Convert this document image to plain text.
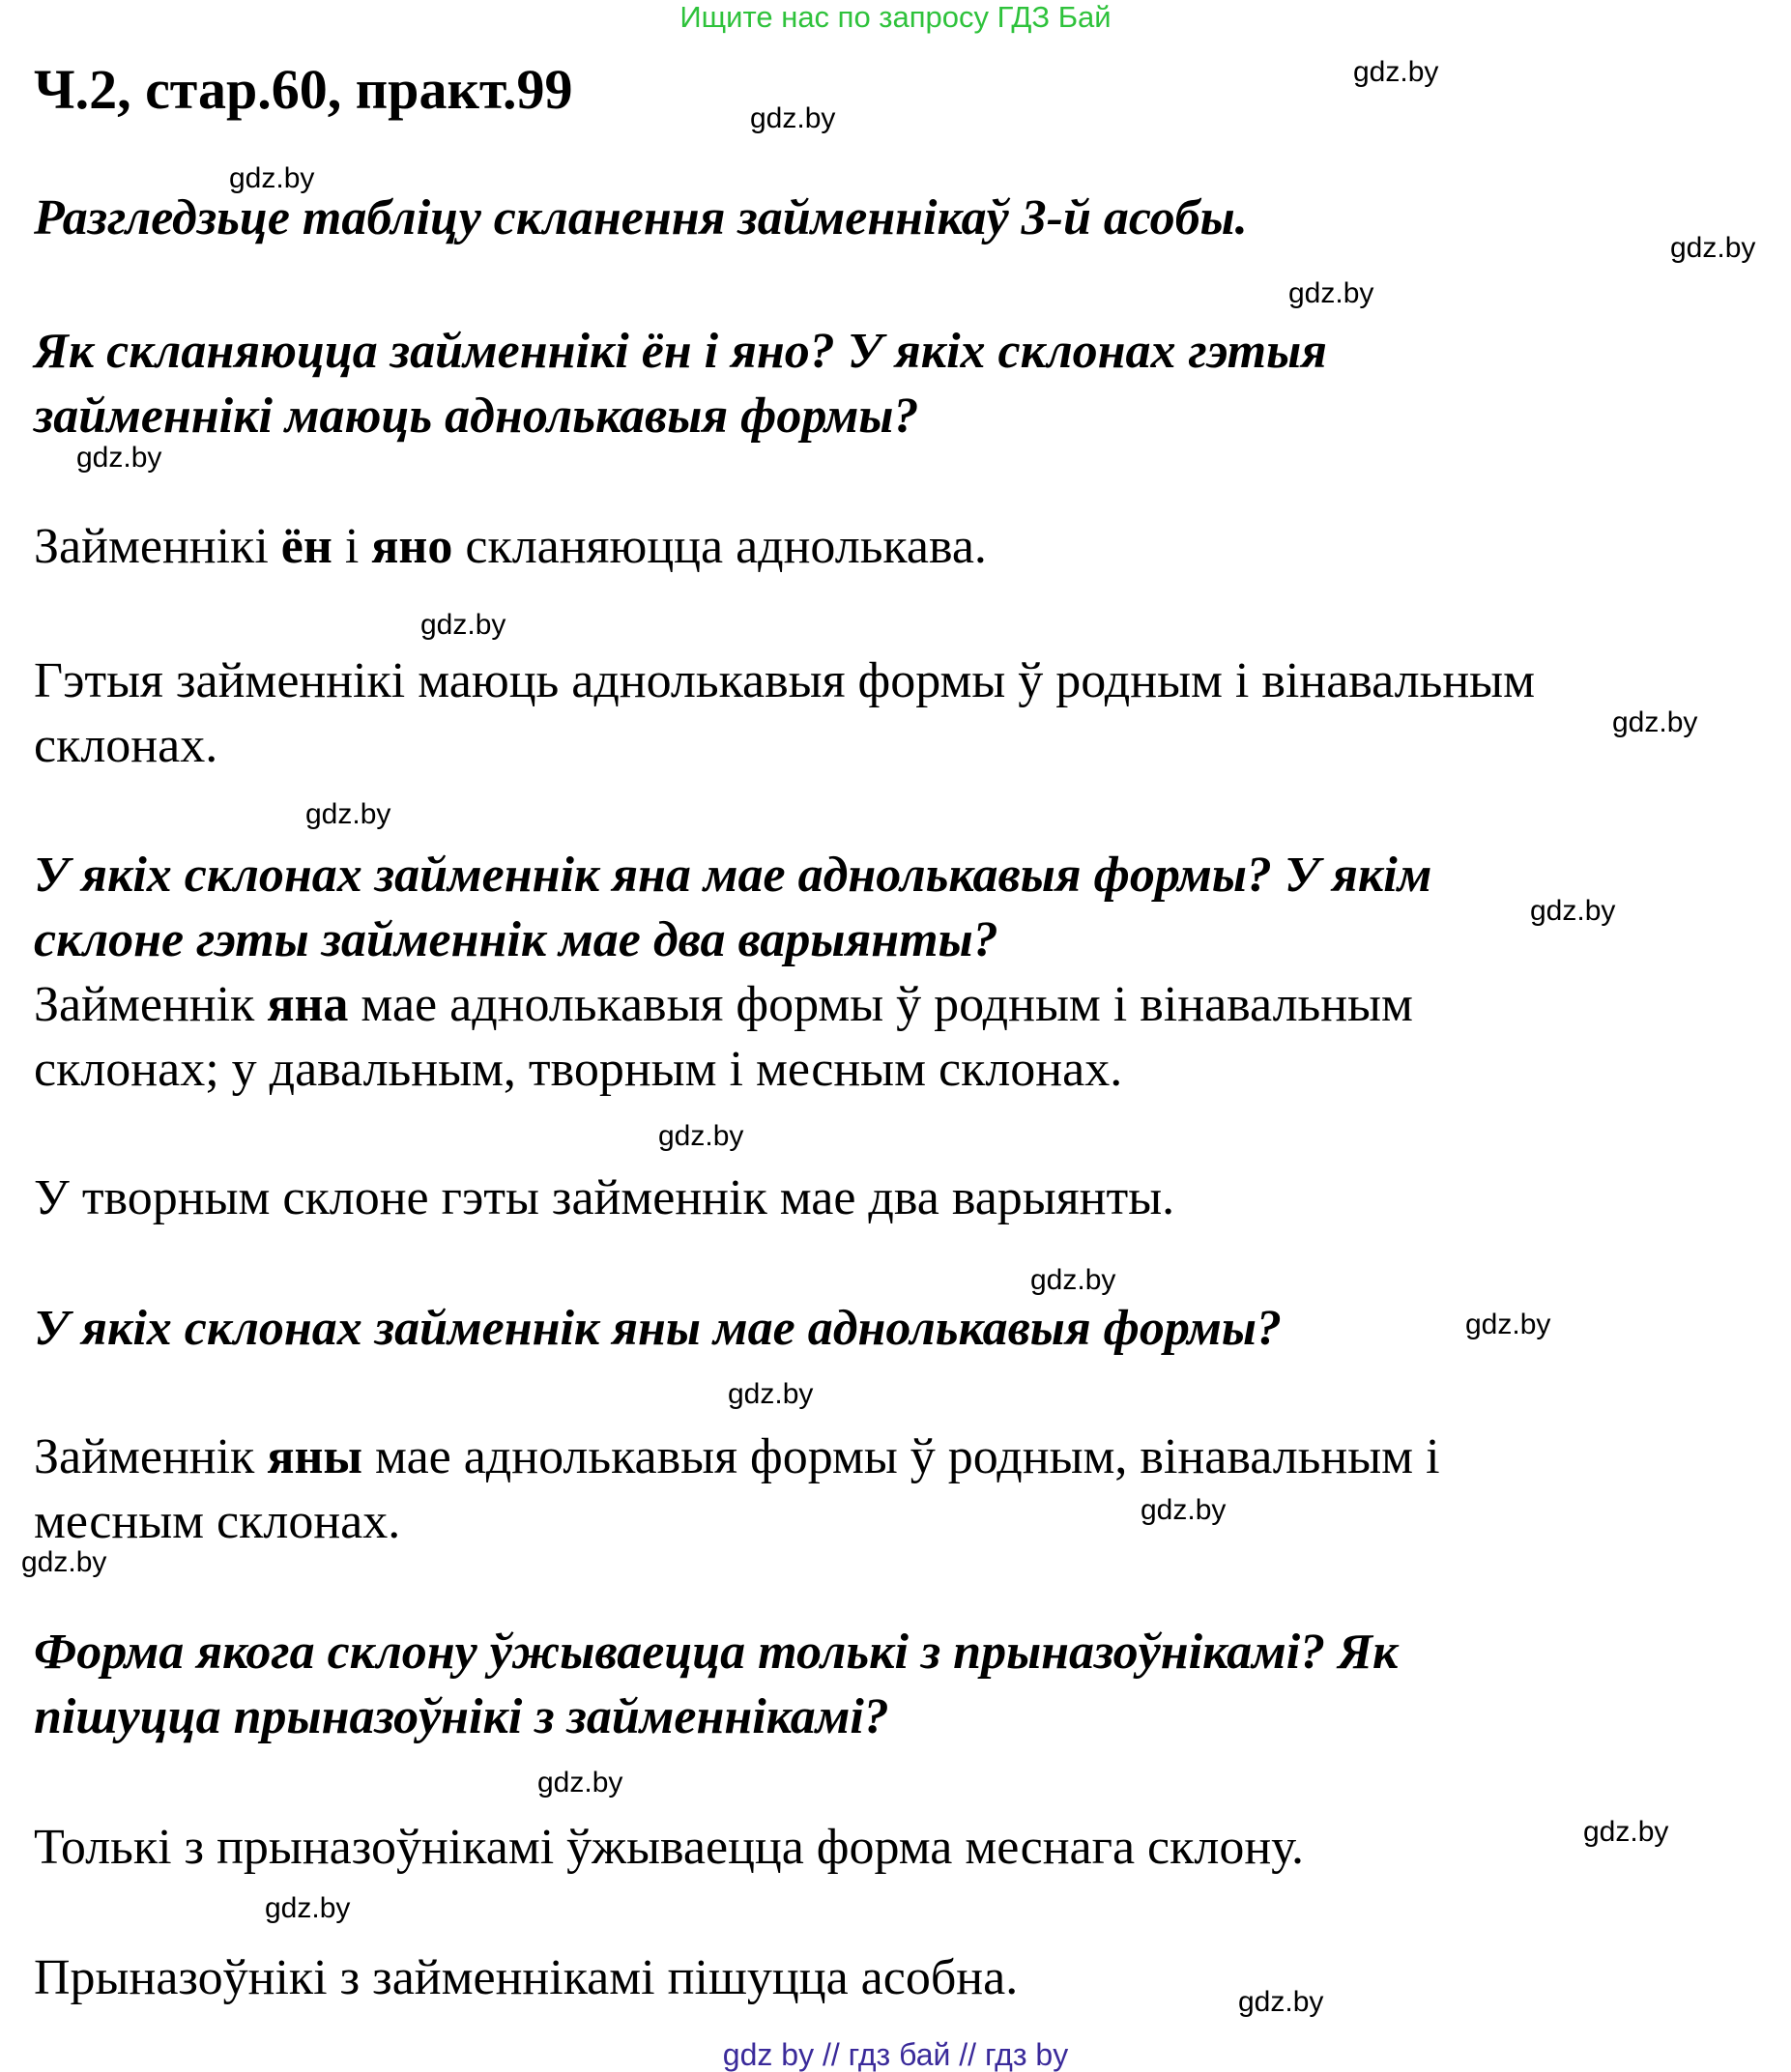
Ищите нас по запросу ГДЗ Бай
Ч.2, стар.60, практ.99
Разгледзьце табліцу скланення займеннікаў 3-й асобы.
Як скланяюцца займеннікі ён і яно? У якіх склонах гэтыя
займеннікі маюць аднолькавыя формы?
Займеннікі ён і яно скланяюцца аднолькава.
Гэтыя займеннікі маюць аднолькавыя формы ў родным і вінавальным
склонах.
У якіх склонах займеннік яна мае аднолькавыя формы? У якім
склоне гэты займеннік мае два варыянты?
Займеннік яна мае аднолькавыя формы ў родным і вінавальным
склонах; у давальным, творным і месным склонах.
У творным склоне гэты займеннік мае два варыянты.
У якіх склонах займеннік яны мае аднолькавыя формы?
Займеннік яны мае аднолькавыя формы ў родным, вінавальным і
месным склонах.
Форма якога склону ўжываецца толькі з прыназоўнікамі? Як
пішуцца прыназоўнікі з займеннікамі?
Толькі з прыназоўнікамі ўжываецца форма меснага склону.
Прыназоўнікі з займеннікамі пішуцца асобна.
gdz.by
gdz.by
gdz.by
gdz.by
gdz.by
gdz.by
gdz.by
gdz.by
gdz.by
gdz.by
gdz.by
gdz.by
gdz.by
gdz.by
gdz.by
gdz.by
gdz.by
gdz.by
gdz.by
gdz.by
gdz by // гдз бай // гдз by
